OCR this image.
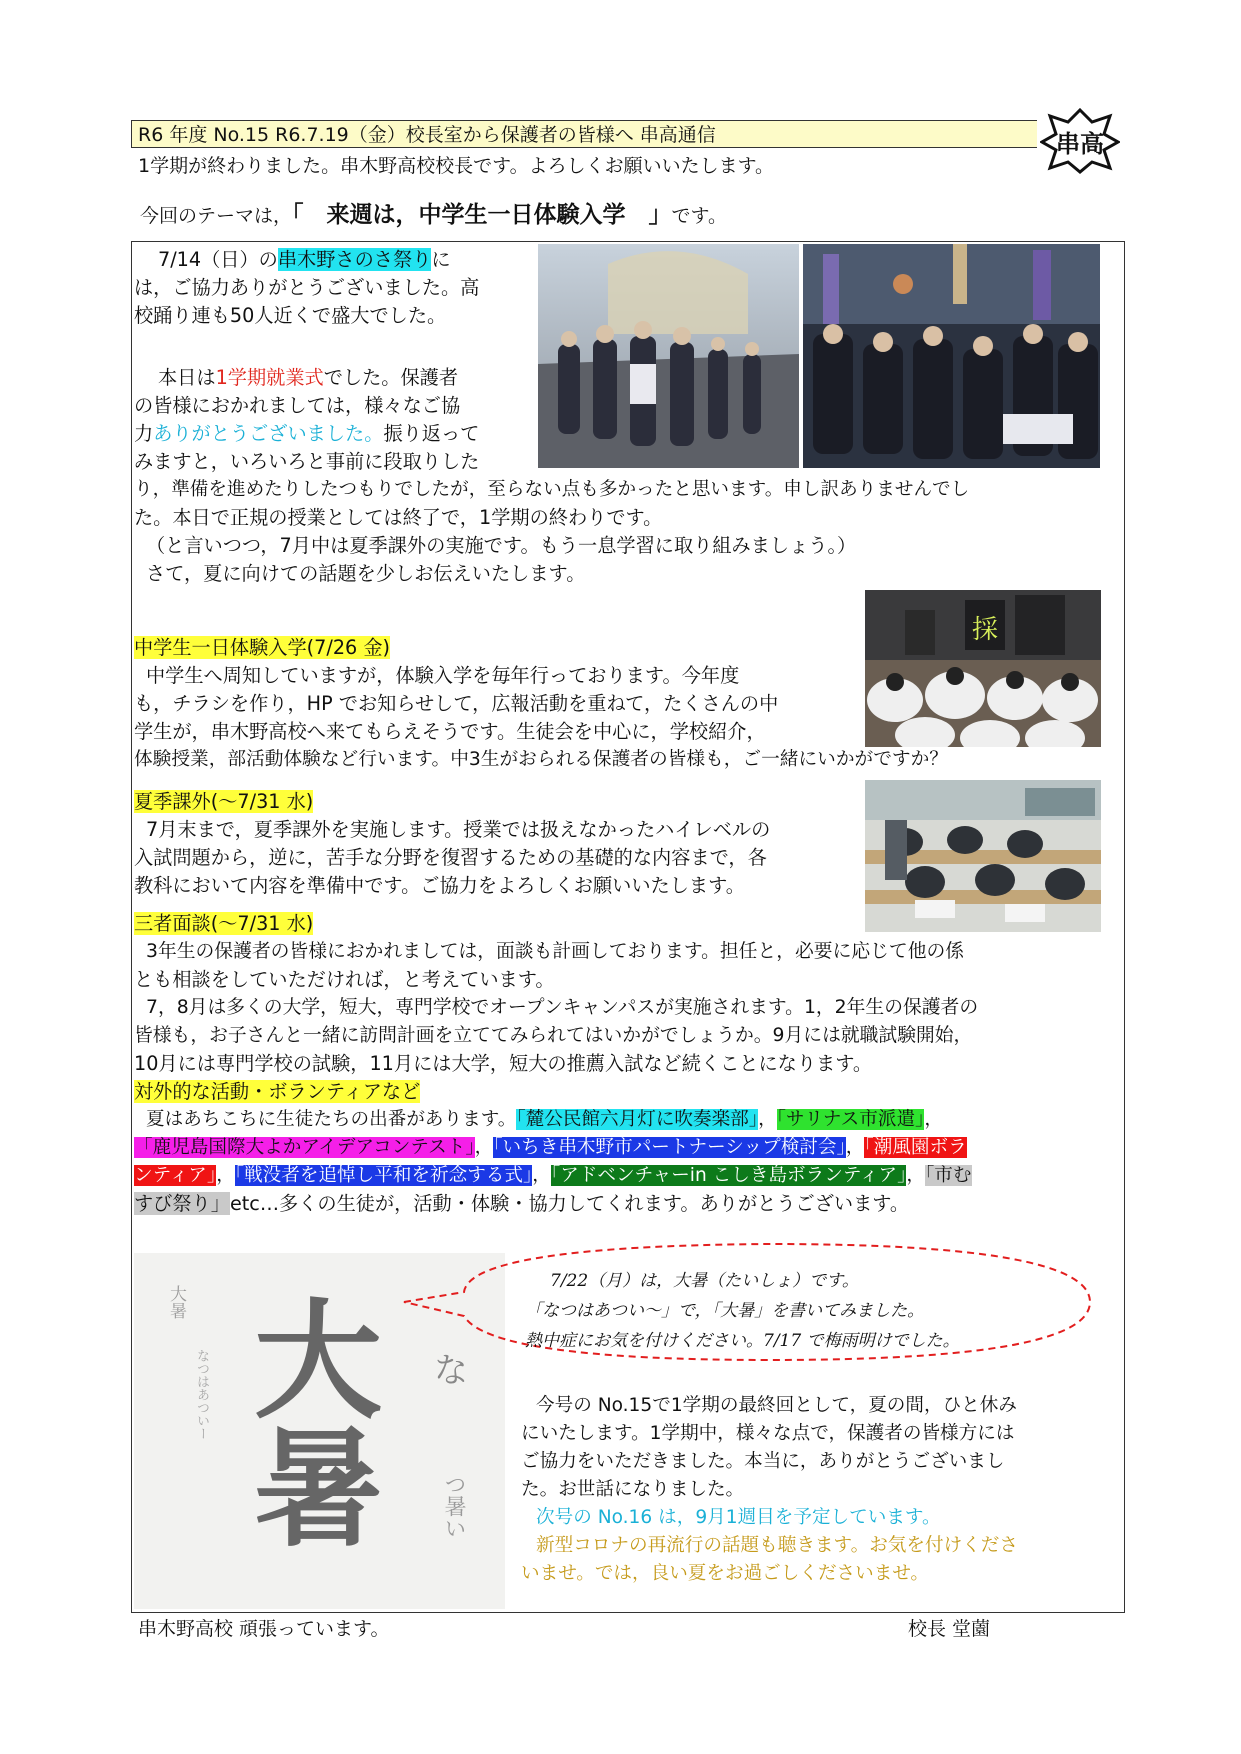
R6 年度 No.15 R6.7.19（金）校長室から保護者の皆様へ 串高通信	串高
1学期が終わりました。串木野高校校長です。よろしくお願いいたします。
今回のテーマは，「　来週は，中学生一日体験入学　」です。
7/14（日）の串木野さのさ祭りに
は，ご協力ありがとうございました。高
校踊り連も50人近くで盛大でした。
本日は1学期就業式でした。保護者
の皆様におかれましては，様々なご協
力ありがとうございました。振り返って
みますと，いろいろと事前に段取りした
り，準備を進めたりしたつもりでしたが，至らない点も多かったと思います。申し訳ありませんでし
た。本日で正規の授業としては終了で，1学期の終わりです。
（と言いつつ，7月中は夏季課外の実施です。もう一息学習に取り組みましょう。）
さて，夏に向けての話題を少しお伝えいたします。
中学生一日体験入学(7/26 金)
中学生へ周知していますが，体験入学を毎年行っております。今年度
も，チラシを作り，HP でお知らせして，広報活動を重ねて，たくさんの中
学生が，串木野高校へ来てもらえそうです。生徒会を中心に，学校紹介，
体験授業，部活動体験など行います。中3生がおられる保護者の皆様も，ご一緒にいかがですか？
採
夏季課外(～7/31 水)
7月末まで，夏季課外を実施します。授業では扱えなかったハイレベルの
入試問題から，逆に，苦手な分野を復習するための基礎的な内容まで，各
教科において内容を準備中です。ご協力をよろしくお願いいたします。
三者面談(～7/31 水)
3年生の保護者の皆様におかれましては，面談も計画しております。担任と，必要に応じて他の係
とも相談をしていただければ，と考えています。
7，8月は多くの大学，短大，専門学校でオープンキャンパスが実施されます。1，2年生の保護者の
皆様も，お子さんと一緒に訪問計画を立ててみられてはいかがでしょうか。9月には就職試験開始，
10月には専門学校の試験，11月には大学，短大の推薦入試など続くことになります。
対外的な活動・ボランティアなど
夏はあちこちに生徒たちの出番があります。「麓公民館六月灯に吹奏楽部」，「サリナス市派遣」，
「鹿児島国際大よかアイデアコンテスト」，「いちき串木野市パートナーシップ検討会」，「潮風園ボラ
ンティア」，「戦没者を追悼し平和を祈念する式」，「アドベンチャーin こしき島ボランティア」，「市む
すび祭り」etc…多くの生徒が，活動・体験・協力してくれます。ありがとうございます。
大暑
なつはあついー 大暑 な
つ暑い
7/22（月）は，大暑（たいしょ）です。
「なつはあつい～」で，「大暑」を書いてみました。
熱中症にお気を付けください。7/17 で梅雨明けでした。
今号の No.15で1学期の最終回として，夏の間，ひと休み
にいたします。1学期中，様々な点で，保護者の皆様方には
ご協力をいただきました。本当に，ありがとうございまし
た。お世話になりました。
次号の No.16 は，9月1週目を予定しています。
新型コロナの再流行の話題も聴きます。お気を付けくださ
いませ。では，良い夏をお過ごしくださいませ。
串木野高校 頑張っています。	校長 堂薗
